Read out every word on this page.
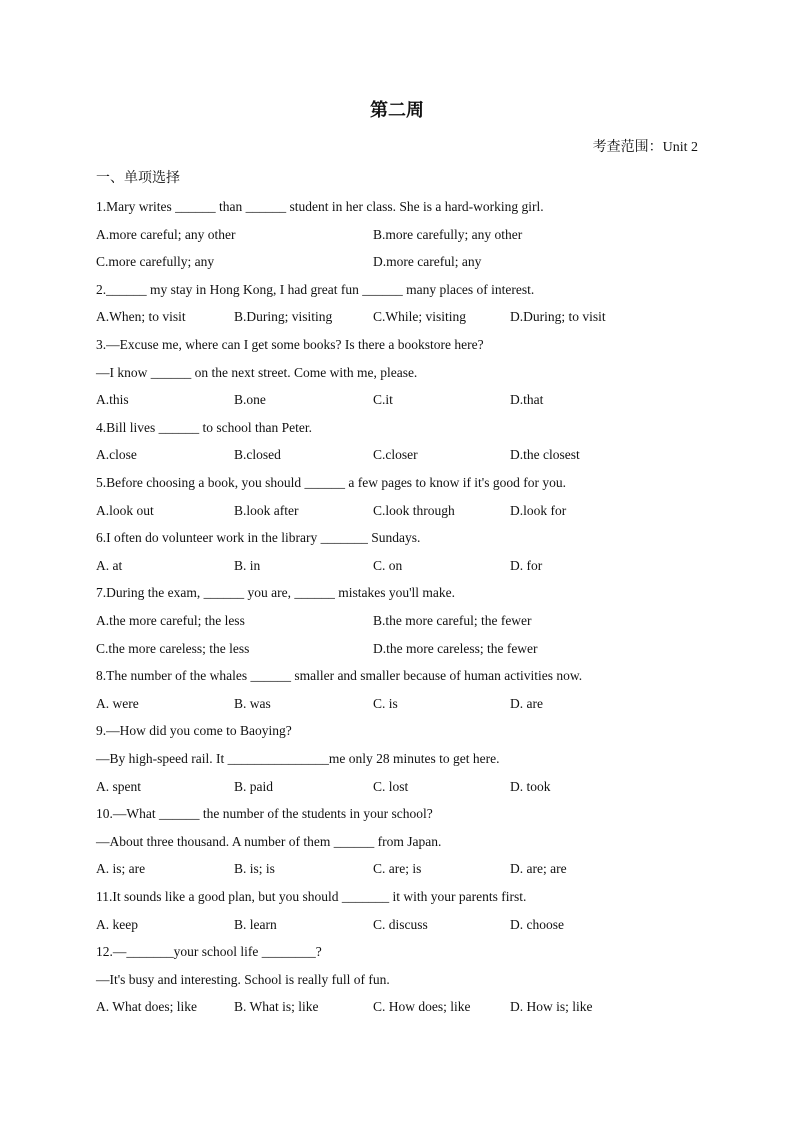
第二周
考查范围：Unit 2
一、单项选择
1.Mary writes ______ than ______ student in her class. She is a hard-working girl.
A.more careful; any other	B.more carefully; any other
C.more carefully; any	D.more careful; any
2.______ my stay in Hong Kong, I had great fun ______ many places of interest.
A.When; to visit	B.During; visiting	C.While; visiting	D.During; to visit
3.—Excuse me, where can I get some books? Is there a bookstore here?
—I know ______ on the next street. Come with me, please.
A.this	B.one	C.it	D.that
4.Bill lives ______ to school than Peter.
A.close	B.closed	C.closer	D.the closest
5.Before choosing a book, you should ______ a few pages to know if it's good for you.
A.look out	B.look after	C.look through	D.look for
6.I often do volunteer work in the library _______ Sundays.
A. at	B. in	C. on	D. for
7.During the exam, ______ you are, ______ mistakes you'll make.
A.the more careful; the less	B.the more careful; the fewer
C.the more careless; the less	D.the more careless; the fewer
8.The number of the whales ______ smaller and smaller because of human activities now.
A. were	B. was	C. is	D. are
9.—How did you come to Baoying?
—By high-speed rail. It _______________me only 28 minutes to get here.
A. spent	B. paid	C. lost	D. took
10.—What ______ the number of the students in your school?
—About three thousand. A number of them ______ from Japan.
A. is; are	B. is; is	C. are; is	D. are; are
11.It sounds like a good plan, but you should _______ it with your parents first.
A. keep	B. learn	C. discuss	D. choose
12.—_______your school life ________?
—It's busy and interesting. School is really full of fun.
A. What does; like	B. What is; like	C. How does; like	D. How is; like
